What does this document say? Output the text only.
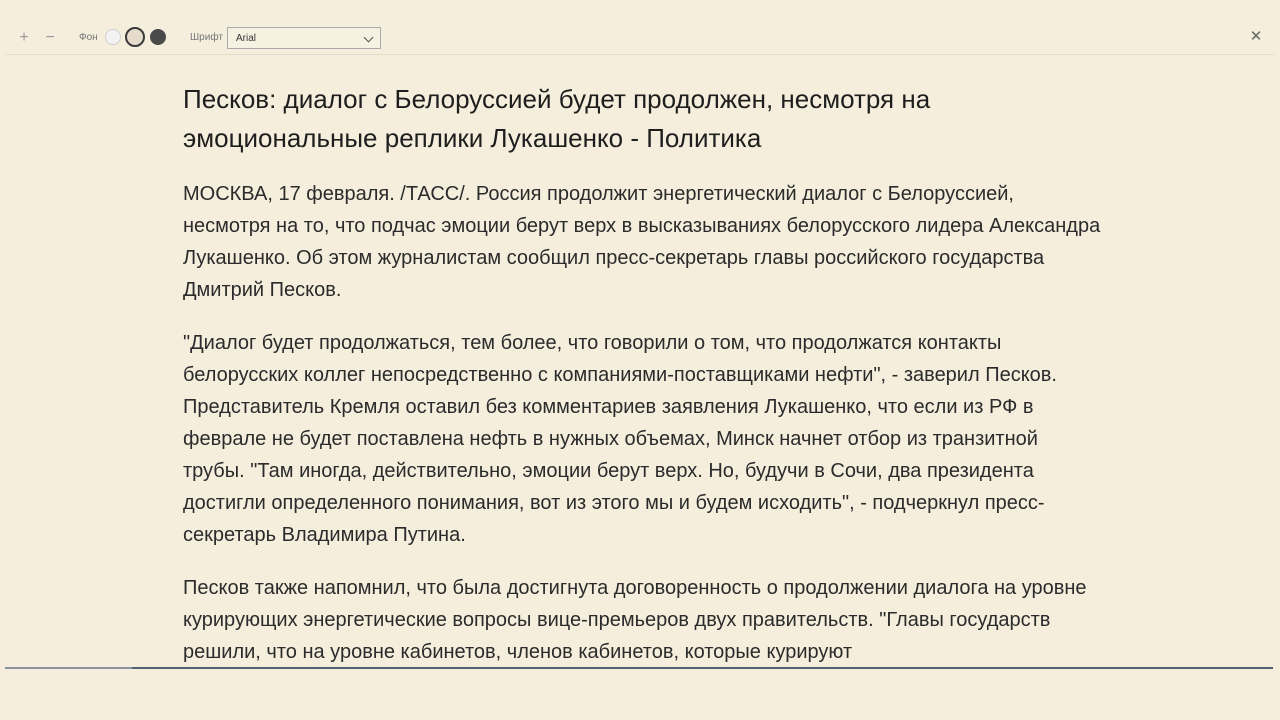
+	−	Фон	Шрифт	Arial	✕
Песков: диалог с Белоруссией будет продолжен, несмотря на эмоциональные реплики Лукашенко - Политика

МОСКВА, 17 февраля. /ТАСС/. Россия продолжит энергетический диалог с Белоруссией, несмотря на то, что подчас эмоции берут верх в высказываниях белорусского лидера Александра Лукашенко. Об этом журналистам сообщил пресс-секретарь главы российского государства Дмитрий Песков.

"Диалог будет продолжаться, тем более, что говорили о том, что продолжатся контакты белорусских коллег непосредственно с компаниями-поставщиками нефти", - заверил Песков. Представитель Кремля оставил без комментариев заявления Лукашенко, что если из РФ в феврале не будет поставлена нефть в нужных объемах, Минск начнет отбор из транзитной трубы. "Там иногда, действительно, эмоции берут верх. Но, будучи в Сочи, два президента достигли определенного понимания, вот из этого мы и будем исходить", - подчеркнул пресс-секретарь Владимира Путина.

Песков также напомнил, что была достигнута договоренность о продолжении диалога на уровне курирующих энергетические вопросы вице-премьеров двух правительств. "Главы государств решили, что на уровне кабинетов, членов кабинетов, которые курируют
